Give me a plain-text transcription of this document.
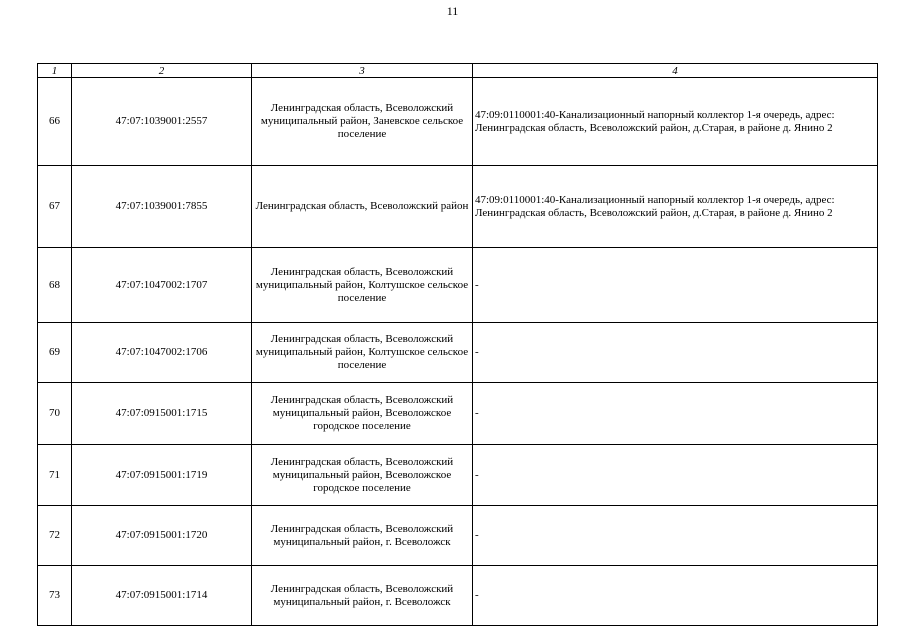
11
1	2	3	4
66	47:07:1039001:2557	Ленинградская область, Всеволожский муниципальный район, Заневское сельское поселение	47:09:0110001:40-Канализационный напорный коллектор 1-я очередь, адрес: Ленинградская область, Всеволожский район, д.Старая, в районе д. Янино 2
67	47:07:1039001:7855	Ленинградская область, Всеволожский район	47:09:0110001:40-Канализационный напорный коллектор 1-я очередь, адрес: Ленинградская область, Всеволожский район, д.Старая, в районе д. Янино 2
68	47:07:1047002:1707	Ленинградская область, Всеволожский муниципальный район, Колтушское сельское поселение	-
69	47:07:1047002:1706	Ленинградская область, Всеволожский муниципальный район, Колтушское сельское поселение	-
70	47:07:0915001:1715	Ленинградская область, Всеволожский муниципальный район, Всеволожское городское поселение	-
71	47:07:0915001:1719	Ленинградская область, Всеволожский муниципальный район, Всеволожское городское поселение	-
72	47:07:0915001:1720	Ленинградская область, Всеволожский муниципальный район, г. Всеволожск	-
73	47:07:0915001:1714	Ленинградская область, Всеволожский муниципальный район, г. Всеволожск	-
